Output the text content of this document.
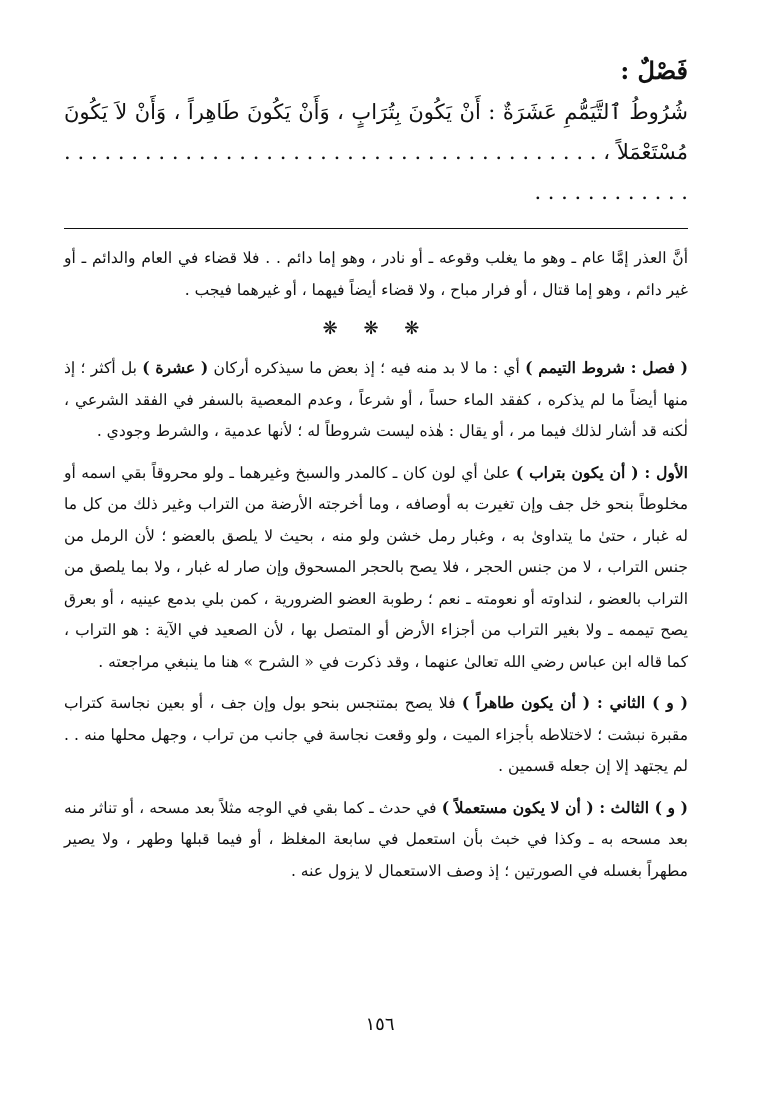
فَصْلٌ :
شُرُوطُ ٱلتَّيَمُّمِ عَشَرَةٌ : أَنْ يَكُونَ بِتُرَابٍ ، وَأَنْ يَكُونَ طَاهِراً ، وَأَنْ لاَ يَكُونَ مُسْتَعْمَلاً ، . . . . . . . . . . . . . . . . . . . . . . . . . . . . . . . . . . . . . . . . . . . . . . . . . . . .

أنَّ العذر إمَّا عام ـ وهو ما يغلب وقوعه ـ أو نادر ، وهو إما دائم . . فلا قضاء في العام والدائم ـ أو غير دائم ، وهو إما قتال ، أو فرار مباح ، ولا قضاء أيضاً فيهما ، أو غيرهما فيجب .

❋ ❋ ❋

( فصل : شروط التيمم ) أي : ما لا بد منه فيه ؛ إذ بعض ما سيذكره أركان ( عشرة ) بل أكثر ؛ إذ منها أيضاً ما لم يذكره ، كفقد الماء حساً ، أو شرعاً ، وعدم المعصية بالسفر في الفقد الشرعي ، لٰكنه قد أشار لذلك فيما مر ، أو يقال : هٰذه ليست شروطاً له ؛ لأنها عدمية ، والشرط وجودي .

الأول : ( أن يكون بتراب ) علىٰ أي لون كان ـ كالمدر والسبخ وغيرهما ـ ولو محروقاً بقي اسمه أو مخلوطاً بنحو خل جف وإن تغيرت به أوصافه ، وما أخرجته الأرضة من التراب وغير ذلك من كل ما له غبار ، حتىٰ ما يتداوىٰ به ، وغبار رمل خشن ولو منه ، بحيث لا يلصق بالعضو ؛ لأن الرمل من جنس التراب ، لا من جنس الحجر ، فلا يصح بالحجر المسحوق وإن صار له غبار ، ولا بما يلصق من التراب بالعضو ، لنداوته أو نعومته ـ نعم ؛ رطوبة العضو الضرورية ، كمن بلي بدمع عينيه ، أو بعرق يصح تيممه ـ ولا بغير التراب من أجزاء الأرض أو المتصل بها ، لأن الصعيد في الآية : هو التراب ، كما قاله ابن عباس رضي الله تعالىٰ عنهما ، وقد ذكرت في « الشرح » هنا ما ينبغي مراجعته .

( و ) الثاني : ( أن يكون طاهراً ) فلا يصح بمتنجس بنحو بول وإن جف ، أو بعين نجاسة كتراب مقبرة نبشت ؛ لاختلاطه بأجزاء الميت ، ولو وقعت نجاسة في جانب من تراب ، وجهل محلها منه . . لم يجتهد إلا إن جعله قسمين .

( و ) الثالث : ( أن لا يكون مستعملاً ) في حدث ـ كما بقي في الوجه مثلاً بعد مسحه ، أو تناثر منه بعد مسحه به ـ وكذا في خبث بأن استعمل في سابعة المغلظ ، أو فيما قبلها وطهر ، ولا يصير مطهراً بغسله في الصورتين ؛ إذ وصف الاستعمال لا يزول عنه .

١٥٦
